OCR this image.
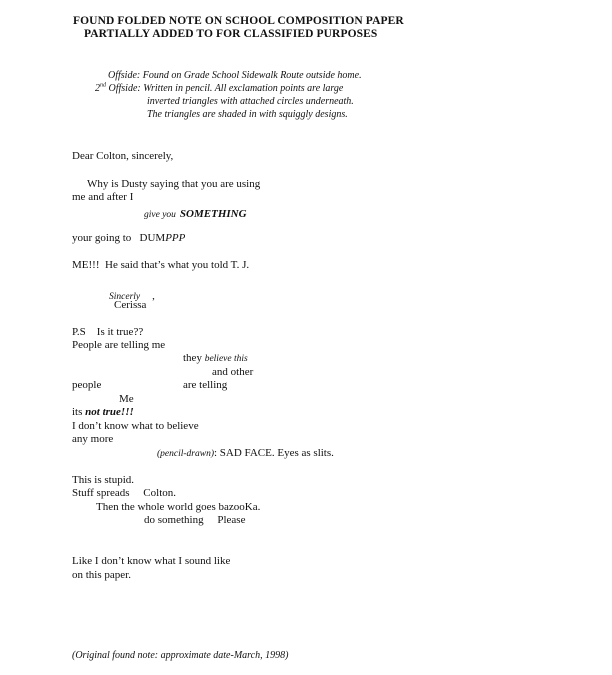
FOUND FOLDED NOTE ON SCHOOL COMPOSITION PAPER
PARTIALLY ADDED TO FOR CLASSIFIED PURPOSES
Offside: Found on Grade School Sidewalk Route outside home.
2nd Offside: Written in pencil. All exclamation points are large
inverted triangles with attached circles underneath.
The triangles are shaded in with squiggly designs.
Dear Colton, sincerely,
Why is Dusty saying that you are using
me and after I
give you SOMETHING
your going to DUMPPP
ME!!! He said that’s what you told T. J.
Sincerly ,
Cerissa
P.S Is it true??
People are telling me
they believe this
and other
people	are telling
Me
its not true!!!
I don’t know what to believe
any more
(pencil-drawn): SAD FACE. Eyes as slits.
This is stupid.
Stuff spreads Colton.
Then the whole world goes bazooKa.
do something Please
Like I don’t know what I sound like
on this paper.
(Original found note: approximate date-March, 1998)
